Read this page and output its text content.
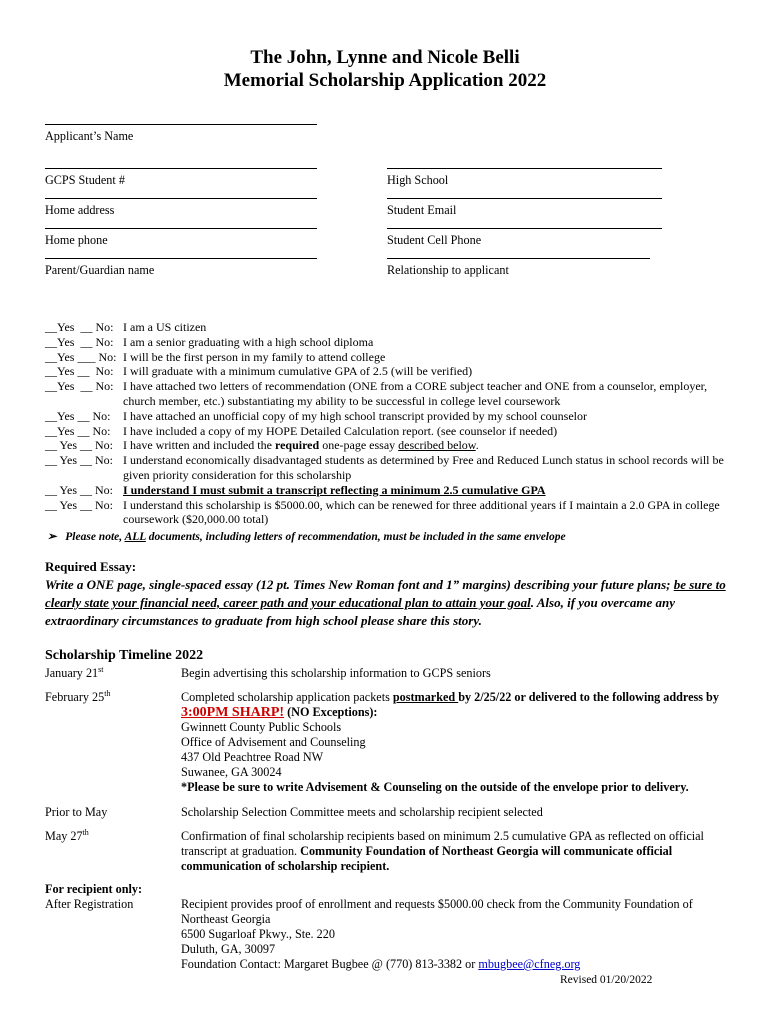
The John, Lynne and Nicole Belli
Memorial Scholarship Application 2022
Applicant’s Name
GCPS Student #	High School
Home address	Student Email
Home phone	Student Cell Phone
Parent/Guardian name	Relationship to applicant
__Yes  __ No: I am a US citizen
__Yes  __ No: I am a senior graduating with a high school diploma
__Yes ___ No: I will be the first person in my family to attend college
__Yes __  No: I will graduate with a minimum cumulative GPA of 2.5 (will be verified)
__Yes  __ No: I have attached two letters of recommendation (ONE from a CORE subject teacher and ONE from a counselor, employer, church member, etc.) substantiating my ability to be successful in college level coursework
__Yes __ No:	I have attached an unofficial copy of my high school transcript provided by my school counselor
__Yes __ No:	I have included a copy of my HOPE Detailed Calculation report. (see counselor if needed)
__ Yes __ No: I have written and included the required one-page essay described below.
__ Yes __ No: I understand economically disadvantaged students as determined by Free and Reduced Lunch status in school records will be given priority consideration for this scholarship
__ Yes __ No: I understand I must submit a transcript reflecting a minimum 2.5 cumulative GPA
__ Yes __ No: I understand this scholarship is $5000.00, which can be renewed for three additional years if I maintain a 2.0 GPA in college coursework ($20,000.00 total)
➢ Please note, ALL documents, including letters of recommendation, must be included in the same envelope
Required Essay:
Write a ONE page, single-spaced essay (12 pt. Times New Roman font and 1” margins) describing your future plans; be sure to clearly state your financial need, career path and your educational plan to attain your goal. Also, if you overcame any extraordinary circumstances to graduate from high school please share this story.
Scholarship Timeline 2022
January 21st	Begin advertising this scholarship information to GCPS seniors
February 25th	Completed scholarship application packets postmarked by 2/25/22 or delivered to the following address by 3:00PM SHARP! (NO Exceptions):
Gwinnett County Public Schools
Office of Advisement and Counseling
437 Old Peachtree Road NW
Suwanee, GA 30024
*Please be sure to write Advisement & Counseling on the outside of the envelope prior to delivery.
Prior to May	Scholarship Selection Committee meets and scholarship recipient selected
May 27th	Confirmation of final scholarship recipients based on minimum 2.5 cumulative GPA as reflected on official transcript at graduation. Community Foundation of Northeast Georgia will communicate official communication of scholarship recipient.
For recipient only:
After Registration	Recipient provides proof of enrollment and requests $5000.00 check from the Community Foundation of Northeast Georgia
6500 Sugarloaf Pkwy., Ste. 220
Duluth, GA, 30097
Foundation Contact: Margaret Bugbee @ (770) 813-3382 or mbugbee@cfneg.org
Revised 01/20/2022
